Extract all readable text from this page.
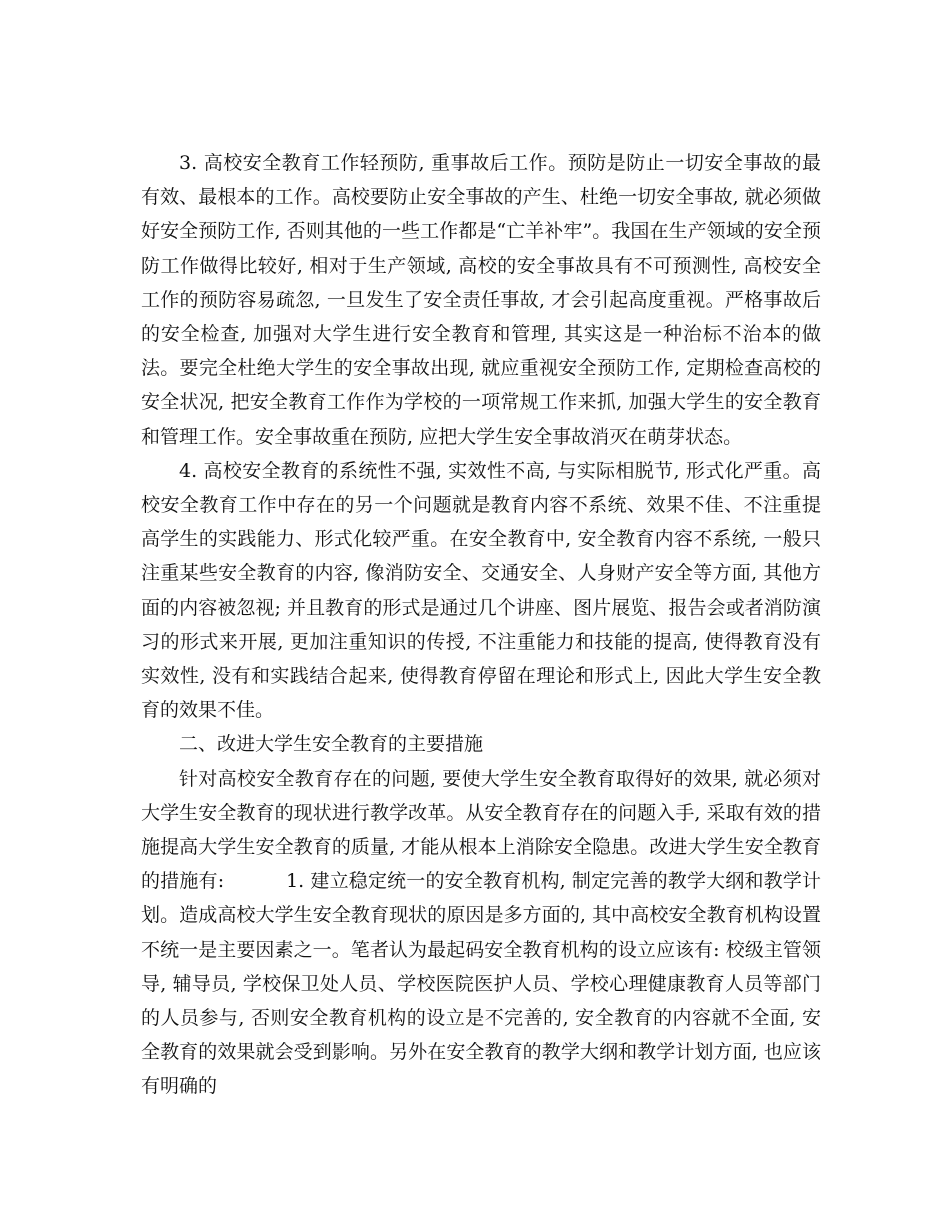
3. 高校安全教育工作轻预防, 重事故后工作。预防是防止一切安全事故的最有效、最根本的工作。高校要防止安全事故的产生、杜绝一切安全事故, 就必须做好安全预防工作, 否则其他的一些工作都是“亡羊补牢”。我国在生产领域的安全预防工作做得比较好, 相对于生产领域, 高校的安全事故具有不可预测性, 高校安全工作的预防容易疏忽, 一旦发生了安全责任事故, 才会引起高度重视。严格事故后的安全检查, 加强对大学生进行安全教育和管理, 其实这是一种治标不治本的做法。要完全杜绝大学生的安全事故出现, 就应重视安全预防工作, 定期检查高校的安全状况, 把安全教育工作作为学校的一项常规工作来抓, 加强大学生的安全教育和管理工作。安全事故重在预防, 应把大学生安全事故消灭在萌芽状态。

4. 高校安全教育的系统性不强, 实效性不高, 与实际相脱节, 形式化严重。高校安全教育工作中存在的另一个问题就是教育内容不系统、效果不佳、不注重提高学生的实践能力、形式化较严重。在安全教育中, 安全教育内容不系统, 一般只注重某些安全教育的内容, 像消防安全、交通安全、人身财产安全等方面, 其他方面的内容被忽视; 并且教育的形式是通过几个讲座、图片展览、报告会或者消防演习的形式来开展, 更加注重知识的传授, 不注重能力和技能的提高, 使得教育没有实效性, 没有和实践结合起来, 使得教育停留在理论和形式上, 因此大学生安全教育的效果不佳。

二、改进大学生安全教育的主要措施

针对高校安全教育存在的问题, 要使大学生安全教育取得好的效果, 就必须对大学生安全教育的现状进行教学改革。从安全教育存在的问题入手, 采取有效的措施提高大学生安全教育的质量, 才能从根本上消除安全隐患。改进大学生安全教育的措施有:	1. 建立稳定统一的安全教育机构, 制定完善的教学大纲和教学计划。造成高校大学生安全教育现状的原因是多方面的, 其中高校安全教育机构设置不统一是主要因素之一。笔者认为最起码安全教育机构的设立应该有: 校级主管领导, 辅导员, 学校保卫处人员、学校医院医护人员、学校心理健康教育人员等部门的人员参与, 否则安全教育机构的设立是不完善的, 安全教育的内容就不全面, 安全教育的效果就会受到影响。另外在安全教育的教学大纲和教学计划方面, 也应该有明确的
